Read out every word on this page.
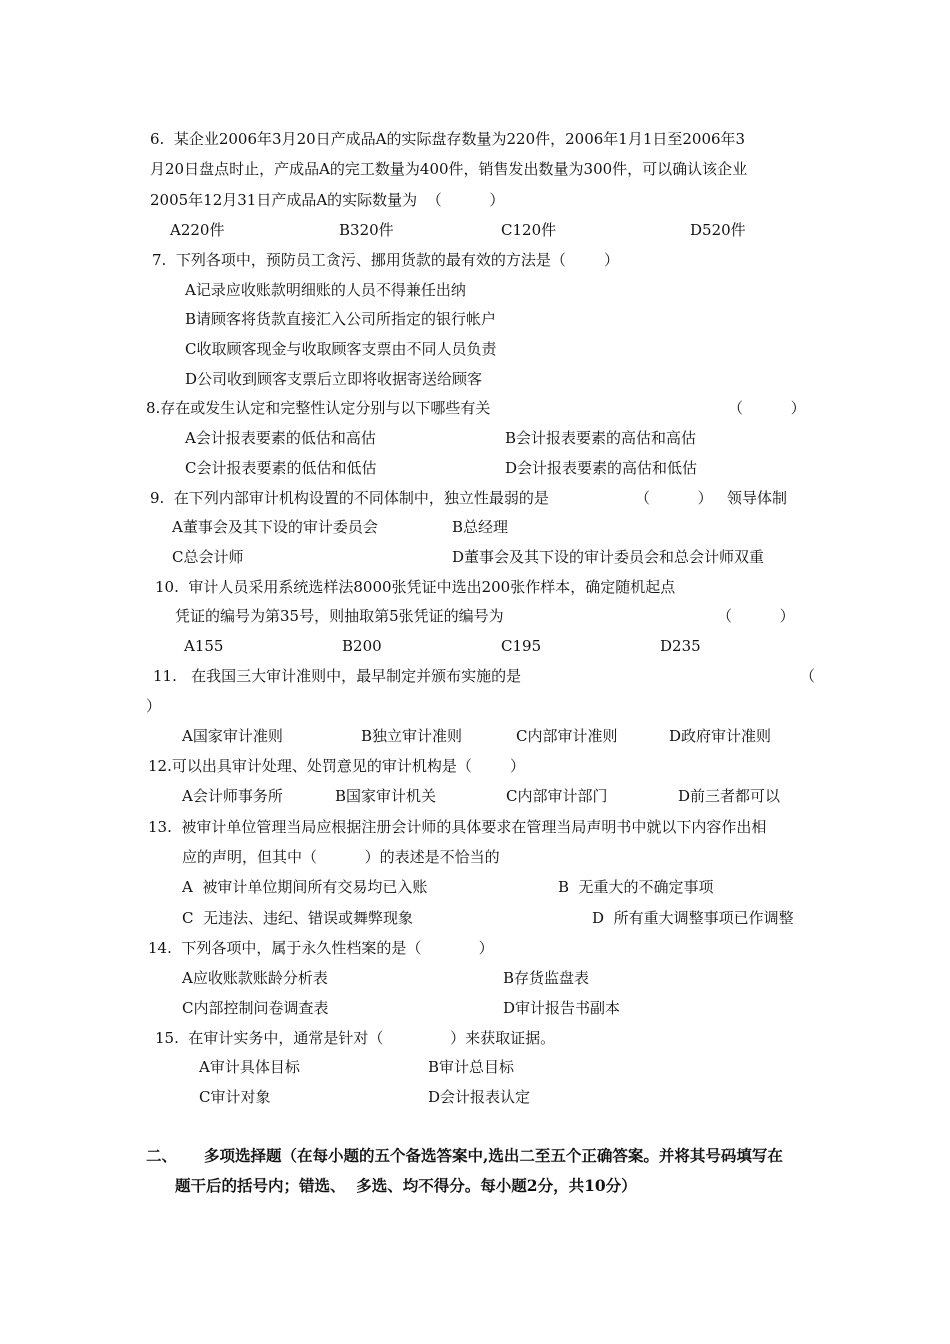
6.  某企业2006年3月20日产成品A的实际盘存数量为220件，2006年1月1日至2006年3
月20日盘点时止，产成品A的完工数量为400件，销售发出数量为300件，可以确认该企业
2005年12月31日产成品A的实际数量为  （          ）
A220件	B320件	C120件	D520件
7.  下列各项中，预防员工贪污、挪用货款的最有效的方法是（        ）
A记录应收账款明细账的人员不得兼任出纳
B请顾客将货款直接汇入公司所指定的银行帐户
C收取顾客现金与收取顾客支票由不同人员负责
D公司收到顾客支票后立即将收据寄送给顾客
8.存在或发生认定和完整性认定分别与以下哪些有关	（          ）
A会计报表要素的低估和高估	B会计报表要素的高估和高估
C会计报表要素的低估和低估	D会计报表要素的高估和低估
9.  在下列内部审计机构设置的不同体制中，独立性最弱的是	（          ）   领导体制
A董事会及其下设的审计委员会	B总经理
C总会计师	D董事会及其下设的审计委员会和总会计师双重
10.  审计人员采用系统选样法8000张凭证中选出200张作样本，确定随机起点
凭证的编号为第35号，则抽取第5张凭证的编号为	（          ）
A155	B200	C195	D235
11.   在我国三大审计准则中，最早制定并颁布实施的是	（
）
A国家审计准则	B独立审计准则	C内部审计准则	D政府审计准则
12.可以出具审计处理、处罚意见的审计机构是（        ）
A会计师事务所	B国家审计机关	C内部审计部门	D前三者都可以
13.  被审计单位管理当局应根据注册会计师的具体要求在管理当局声明书中就以下内容作出相
应的声明，但其中（          ）的表述是不恰当的
A  被审计单位期间所有交易均已入账	B  无重大的不确定事项
C  无违法、违纪、错误或舞弊现象	D  所有重大调整事项已作调整
14.  下列各项中，属于永久性档案的是（            ）
A应收账款账龄分析表	B存货监盘表
C内部控制问卷调查表	D审计报告书副本
15.  在审计实务中，通常是针对（              ）来获取证据。
A审计具体目标	B审计总目标
C审计对象	D会计报表认定
二、 多项选择题（在每小题的五个备选答案中,选出二至五个正确答案。并将其号码填写在
题干后的括号内；错选、  多选、均不得分。每小题2分，共10分）
